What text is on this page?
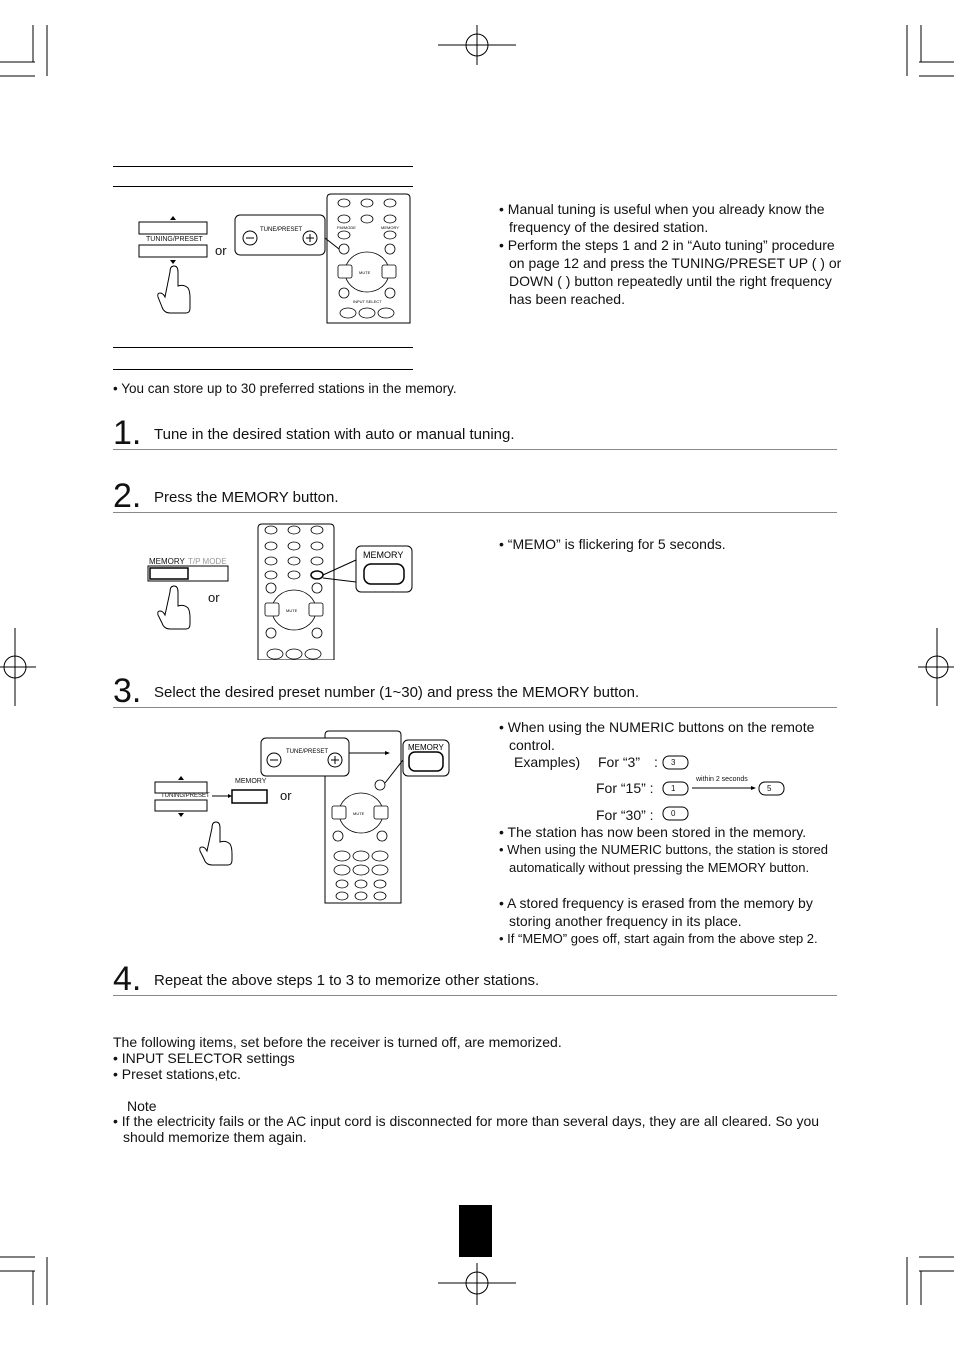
TUNING/PRESET
or
TUNE/PRESET	FM/MODE	MEMORY
MUTE
INPUT SELECT
• Manual tuning is useful when you already know the frequency of the desired station.
• Perform the steps 1 and 2 in “Auto tuning” procedure on page 12 and press the TUNING/PRESET UP ( ) or DOWN ( ) button repeatedly until the right frequency has been reached.
• You can store up to 30 preferred stations in the memory.
1. Tune in the desired station with auto or manual tuning.
2. Press the MEMORY button.
MEMORY T/P MODE
or
MUTE
MEMORY
• “MEMO” is flickering for 5 seconds.
3. Select the desired preset number (1~30) and press the MEMORY button.
TUNING/PRESET
MEMORY
or
TUNE/PRESET
MUTE
MEMORY
• When using the NUMERIC buttons on the remote control.
Examples) For “3” :
For “15” :
For “30” :
3
1
within 2 seconds
5
0
• The station has now been stored in the memory.
• When using the NUMERIC buttons, the station is stored automatically without pressing the MEMORY button.
• A stored frequency is erased from the memory by storing another frequency in its place.
• If “MEMO” goes off, start again from the above step 2.
4. Repeat the above steps 1 to 3 to memorize other stations.
The following items, set before the receiver is turned off, are memorized.
• INPUT SELECTOR settings
• Preset stations,etc.
Note
• If the electricity fails or the AC input cord is disconnected for more than several days, they are all cleared. So you should memorize them again.
